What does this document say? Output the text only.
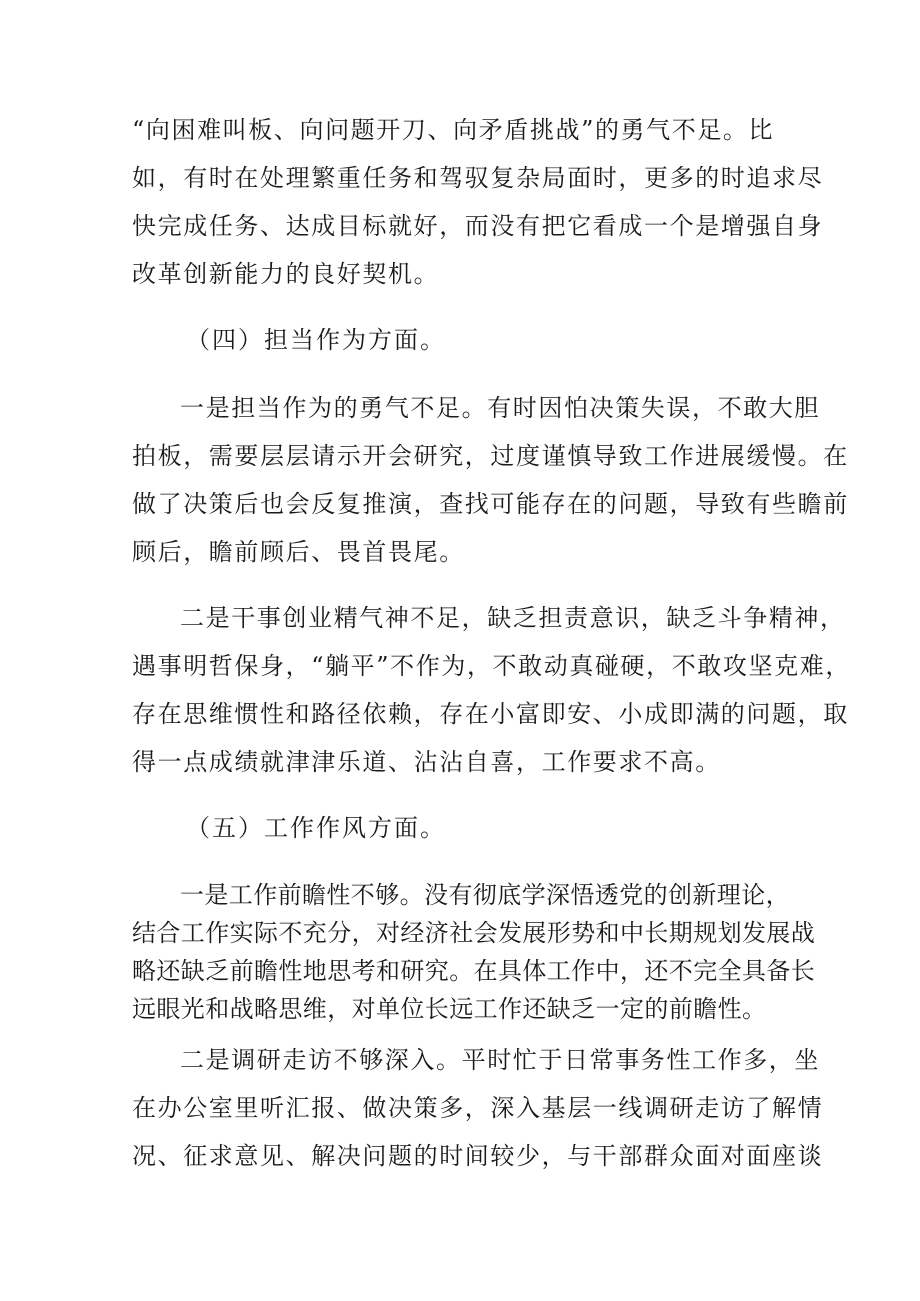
“向困难叫板、向问题开刀、向矛盾挑战”的勇气不足。比
如，有时在处理繁重任务和驾驭复杂局面时，更多的时追求尽
快完成任务、达成目标就好，而没有把它看成一个是增强自身
改革创新能力的良好契机。
（四）担当作为方面。
一是担当作为的勇气不足。有时因怕决策失误，不敢大胆
拍板，需要层层请示开会研究，过度谨慎导致工作进展缓慢。在
做了决策后也会反复推演，查找可能存在的问题，导致有些瞻前
顾后，瞻前顾后、畏首畏尾。
二是干事创业精气神不足，缺乏担责意识，缺乏斗争精神，
遇事明哲保身，“躺平”不作为，不敢动真碰硬，不敢攻坚克难，
存在思维惯性和路径依赖，存在小富即安、小成即满的问题，取
得一点成绩就津津乐道、沾沾自喜，工作要求不高。
（五）工作作风方面。
一是工作前瞻性不够。没有彻底学深悟透党的创新理论，
结合工作实际不充分，对经济社会发展形势和中长期规划发展战
略还缺乏前瞻性地思考和研究。在具体工作中，还不完全具备长
远眼光和战略思维，对单位长远工作还缺乏一定的前瞻性。
二是调研走访不够深入。平时忙于日常事务性工作多，坐
在办公室里听汇报、做决策多，深入基层一线调研走访了解情
况、征求意见、解决问题的时间较少，与干部群众面对面座谈
